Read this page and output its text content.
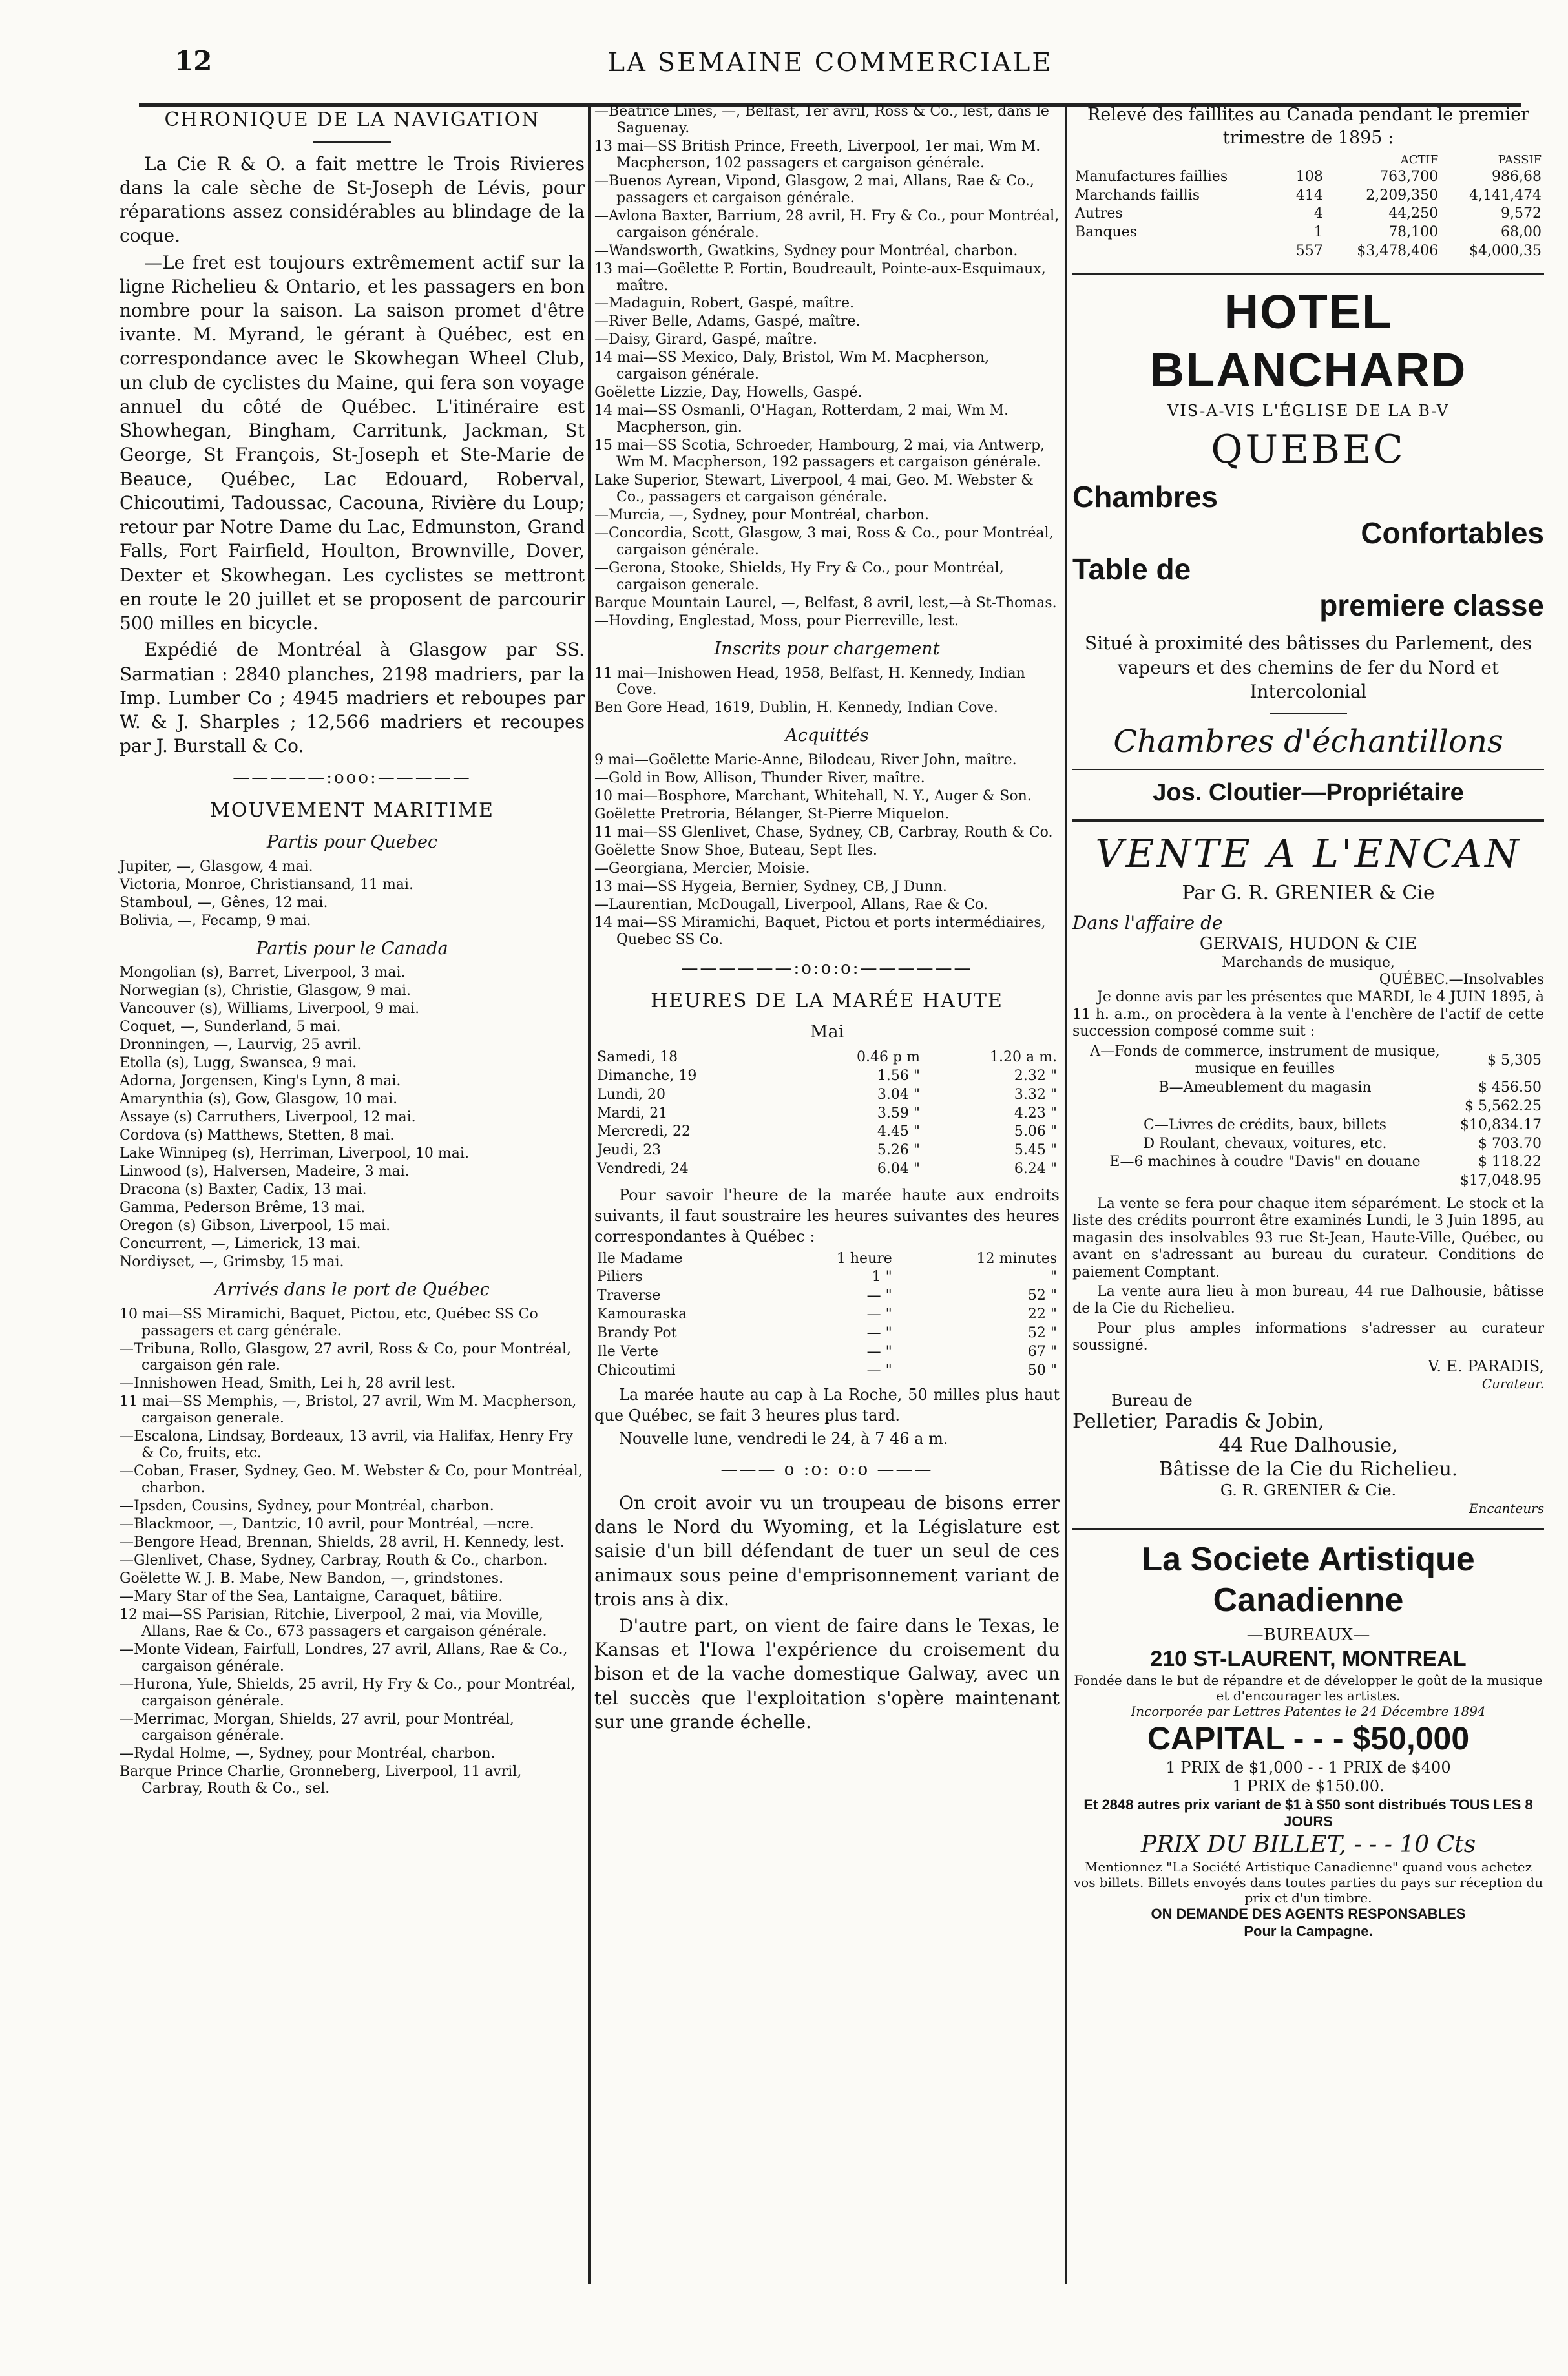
12	LA SEMAINE COMMERCIALE
CHRONIQUE DE LA NAVIGATION

La Cie R & O. a fait mettre le Trois Rivieres dans la cale sèche de St-Joseph de Lévis, pour réparations assez considérables au blindage de la coque.

—Le fret est toujours extrêmement actif sur la ligne Richelieu & Ontario, et les passagers en bon nombre pour la saison. La saison promet d'être ivante. M. Myrand, le gérant à Québec, est en correspondance avec le Skowhegan Wheel Club, un club de cyclistes du Maine, qui fera son voyage annuel du côté de Québec. L'itinéraire est Showhegan, Bingham, Carritunk, Jackman, St George, St François, St-Joseph et Ste-Marie de Beauce, Québec, Lac Edouard, Roberval, Chicoutimi, Tadoussac, Cacouna, Rivière du Loup; retour par Notre Dame du Lac, Edmunston, Grand Falls, Fort Fairfield, Houlton, Brownville, Dover, Dexter et Skowhegan. Les cyclistes se mettront en route le 20 juillet et se proposent de parcourir 500 milles en bicycle.

Expédié de Montréal à Glasgow par SS. Sarmatian : 2840 planches, 2198 madriers, par la Imp. Lumber Co ; 4945 madriers et reboupes par W. & J. Sharples ; 12,566 madriers et recoupes par J. Burstall & Co.

—————:ooo:—————
MOUVEMENT MARITIME
Partis pour Quebec

Jupiter, —, Glasgow, 4 mai.

Victoria, Monroe, Christiansand, 11 mai.

Stamboul, —, Gênes, 12 mai.

Bolivia, —, Fecamp, 9 mai.

Partis pour le Canada

Mongolian (s), Barret, Liverpool, 3 mai.

Norwegian (s), Christie, Glasgow, 9 mai.

Vancouver (s), Williams, Liverpool, 9 mai.

Coquet, —, Sunderland, 5 mai.

Dronningen, —, Laurvig, 25 avril.

Etolla (s), Lugg, Swansea, 9 mai.

Adorna, Jorgensen, King's Lynn, 8 mai.

Amarynthia (s), Gow, Glasgow, 10 mai.

Assaye (s) Carruthers, Liverpool, 12 mai.

Cordova (s) Matthews, Stetten, 8 mai.

Lake Winnipeg (s), Herriman, Liverpool, 10 mai.

Linwood (s), Halversen, Madeire, 3 mai.

Dracona (s) Baxter, Cadix, 13 mai.

Gamma, Pederson Brême, 13 mai.

Oregon (s) Gibson, Liverpool, 15 mai.

Concurrent, —, Limerick, 13 mai.

Nordiyset, —, Grimsby, 15 mai.

Arrivés dans le port de Québec

10 mai—SS Miramichi, Baquet, Pictou, etc, Québec SS Co passagers et carg générale.

—Tribuna, Rollo, Glasgow, 27 avril, Ross & Co, pour Montréal, cargaison gén rale.

—Innishowen Head, Smith, Lei h, 28 avril lest.

11 mai—SS Memphis, —, Bristol, 27 avril, Wm M. Macpherson, cargaison generale.

—Escalona, Lindsay, Bordeaux, 13 avril, via Halifax, Henry Fry & Co, fruits, etc.

—Coban, Fraser, Sydney, Geo. M. Webster & Co, pour Montréal, charbon.

—Ipsden, Cousins, Sydney, pour Montréal, charbon.

—Blackmoor, —, Dantzic, 10 avril, pour Montréal, —ncre.

—Bengore Head, Brennan, Shields, 28 avril, H. Kennedy, lest.

—Glenlivet, Chase, Sydney, Carbray, Routh & Co., charbon.

Goëlette W. J. B. Mabe, New Bandon, —, grindstones.

—Mary Star of the Sea, Lantaigne, Caraquet, bâtiire.

12 mai—SS Parisian, Ritchie, Liverpool, 2 mai, via Moville, Allans, Rae & Co., 673 passagers et cargaison générale.

—Monte Videan, Fairfull, Londres, 27 avril, Allans, Rae & Co., cargaison générale.

—Hurona, Yule, Shields, 25 avril, Hy Fry & Co., pour Montréal, cargaison générale.

—Merrimac, Morgan, Shields, 27 avril, pour Montréal, cargaison générale.

—Rydal Holme, —, Sydney, pour Montréal, charbon.

Barque Prince Charlie, Gronneberg, Liverpool, 11 avril, Carbray, Routh & Co., sel.

—Beatrice Lines, —, Belfast, 1er avril, Ross & Co., lest, dans le Saguenay.

13 mai—SS British Prince, Freeth, Liverpool, 1er mai, Wm M. Macpherson, 102 passagers et cargaison générale.

—Buenos Ayrean, Vipond, Glasgow, 2 mai, Allans, Rae & Co., passagers et cargaison générale.

—Avlona Baxter, Barrium, 28 avril, H. Fry & Co., pour Montréal, cargaison générale.

—Wandsworth, Gwatkins, Sydney pour Montréal, charbon.

13 mai—Goëlette P. Fortin, Boudreault, Pointe-aux-Esquimaux, maître.

—Madaguin, Robert, Gaspé, maître.

—River Belle, Adams, Gaspé, maître.

—Daisy, Girard, Gaspé, maître.

14 mai—SS Mexico, Daly, Bristol, Wm M. Macpherson, cargaison générale.

Goëlette Lizzie, Day, Howells, Gaspé.

14 mai—SS Osmanli, O'Hagan, Rotterdam, 2 mai, Wm M. Macpherson, gin.

15 mai—SS Scotia, Schroeder, Hambourg, 2 mai, via Antwerp, Wm M. Macpherson, 192 passagers et cargaison générale.

Lake Superior, Stewart, Liverpool, 4 mai, Geo. M. Webster & Co., passagers et cargaison générale.

—Murcia, —, Sydney, pour Montréal, charbon.

—Concordia, Scott, Glasgow, 3 mai, Ross & Co., pour Montréal, cargaison générale.

—Gerona, Stooke, Shields, Hy Fry & Co., pour Montréal, cargaison generale.

Barque Mountain Laurel, —, Belfast, 8 avril, lest,—à St-Thomas.

—Hovding, Englestad, Moss, pour Pierreville, lest.

Inscrits pour chargement

11 mai—Inishowen Head, 1958, Belfast, H. Kennedy, Indian Cove.

Ben Gore Head, 1619, Dublin, H. Kennedy, Indian Cove.

Acquittés

9 mai—Goëlette Marie-Anne, Bilodeau, River John, maître.

—Gold in Bow, Allison, Thunder River, maître.

10 mai—Bosphore, Marchant, Whitehall, N. Y., Auger & Son.

Goëlette Pretroria, Bélanger, St-Pierre Miquelon.

11 mai—SS Glenlivet, Chase, Sydney, CB, Carbray, Routh & Co.

Goëlette Snow Shoe, Buteau, Sept Iles.

—Georgiana, Mercier, Moisie.

13 mai—SS Hygeia, Bernier, Sydney, CB, J Dunn.

—Laurentian, McDougall, Liverpool, Allans, Rae & Co.

14 mai—SS Miramichi, Baquet, Pictou et ports intermédiaires, Quebec SS Co.

——————:o:o:o:——————
HEURES DE LA MARÉE HAUTE
Mai
Samedi, 18	0.46 p m	1.20 a m.
Dimanche, 19	1.56 "	2.32 "
Lundi, 20	3.04 "	3.32 "
Mardi, 21	3.59 "	4.23 "
Mercredi, 22	4.45 "	5.06 "
Jeudi, 23	5.26 "	5.45 "
Vendredi, 24	6.04 "	6.24 "

Pour savoir l'heure de la marée haute aux endroits suivants, il faut soustraire les heures suivantes des heures correspondantes à Québec :

Ile Madame	1 heure	12 minutes
Piliers	1 "	"
Traverse	— "	52 "
Kamouraska	— "	22 "
Brandy Pot	— "	52 "
Ile Verte	— "	67 "
Chicoutimi	— "	50 "

La marée haute au cap à La Roche, 50 milles plus haut que Québec, se fait 3 heures plus tard.

Nouvelle lune, vendredi le 24, à 7 46 a m.

——— o :o: o:o ———

On croit avoir vu un troupeau de bisons errer dans le Nord du Wyoming, et la Législature est saisie d'un bill défendant de tuer un seul de ces animaux sous peine d'emprisonnement variant de trois ans à dix.

D'autre part, on vient de faire dans le Texas, le Kansas et l'Iowa l'expérience du croisement du bison et de la vache domestique Galway, avec un tel succès que l'exploitation s'opère maintenant sur une grande échelle.

Relevé des faillites au Canada pendant le premier trimestre de 1895 :

		ACTIF	PASSIF
Manufactures faillies	108	763,700	986,68
Marchands faillis	414	2,209,350	4,141,474
Autres	4	44,250	9,572
Banques	1	78,100	68,00
	557	$3,478,406	$4,000,35
HOTEL BLANCHARD
VIS-A-VIS L'ÉGLISE DE LA B-V
QUEBEC
Chambres
Confortables
Table de
premiere classe

Situé à proximité des bâtisses du Parlement, des vapeurs et des chemins de fer du Nord et Intercolonial

Chambres d'échantillons
Jos. Cloutier—Propriétaire
VENTE A L'ENCAN
Par G. R. GRENIER & Cie
Dans l'affaire de
GERVAIS, HUDON & CIE
Marchands de musique,
QUÉBEC.—Insolvables

Je donne avis par les présentes que MARDI, le 4 JUIN 1895, à 11 h. a.m., on procèdera à la vente à l'enchère de l'actif de cette succession composé comme suit :

A—Fonds de commerce, instrument de musique, musique en feuilles	$ 5,305
B—Ameublement du magasin	$ 456.50
	$ 5,562.25
C—Livres de crédits, baux, billets	$10,834.17
D Roulant, chevaux, voitures, etc.	$ 703.70
E—6 machines à coudre "Davis" en douane	$ 118.22
	$17,048.95

La vente se fera pour chaque item séparément. Le stock et la liste des crédits pourront être examinés Lundi, le 3 Juin 1895, au magasin des insolvables 93 rue St-Jean, Haute-Ville, Québec, ou avant en s'adressant au bureau du curateur. Conditions de paiement Comptant.

La vente aura lieu à mon bureau, 44 rue Dalhousie, bâtisse de la Cie du Richelieu.

Pour plus amples informations s'adresser au curateur soussigné.

V. E. PARADIS,
Curateur.
Bureau de
Pelletier, Paradis & Jobin,
44 Rue Dalhousie,
Bâtisse de la Cie du Richelieu.
G. R. GRENIER & Cie.
Encanteurs
La Societe Artistique Canadienne
—BUREAUX—
210 ST-LAURENT, MONTREAL
Fondée dans le but de répandre et de développer le goût de la musique et d'encourager les artistes.
Incorporée par Lettres Patentes le 24 Décembre 1894
CAPITAL - - - $50,000
1 PRIX de $1,000 - - 1 PRIX de $400
1 PRIX de $150.00.
Et 2848 autres prix variant de $1 à $50 sont distribués TOUS LES 8 JOURS
PRIX DU BILLET, - - - 10 Cts
Mentionnez "La Société Artistique Canadienne" quand vous achetez vos billets. Billets envoyés dans toutes parties du pays sur réception du prix et d'un timbre.
ON DEMANDE DES AGENTS RESPONSABLES
Pour la Campagne.
